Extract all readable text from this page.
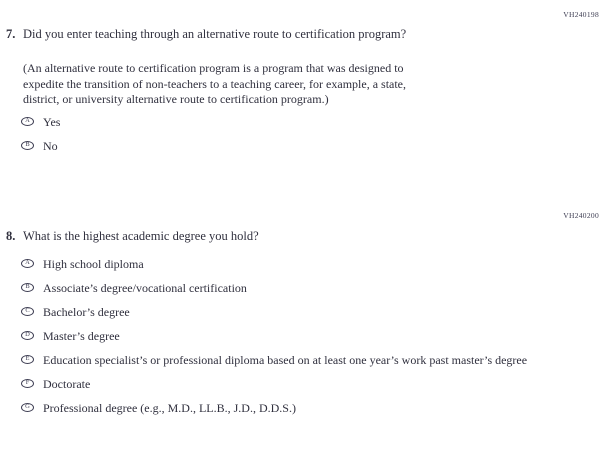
VH240198
7. Did you enter teaching through an alternative route to certification program?
(An alternative route to certification program is a program that was designed to
expedite the transition of non-teachers to a teaching career, for example, a state,
district, or university alternative route to certification program.)
A	Yes
B	No
VH240200
8. What is the highest academic degree you hold?
A	High school diploma
B	Associate’s degree/vocational certification
C	Bachelor’s degree
D	Master’s degree
E	Education specialist’s or professional diploma based on at least one year’s work past master’s degree
F	Doctorate
G	Professional degree (e.g., M.D., LL.B., J.D., D.D.S.)
